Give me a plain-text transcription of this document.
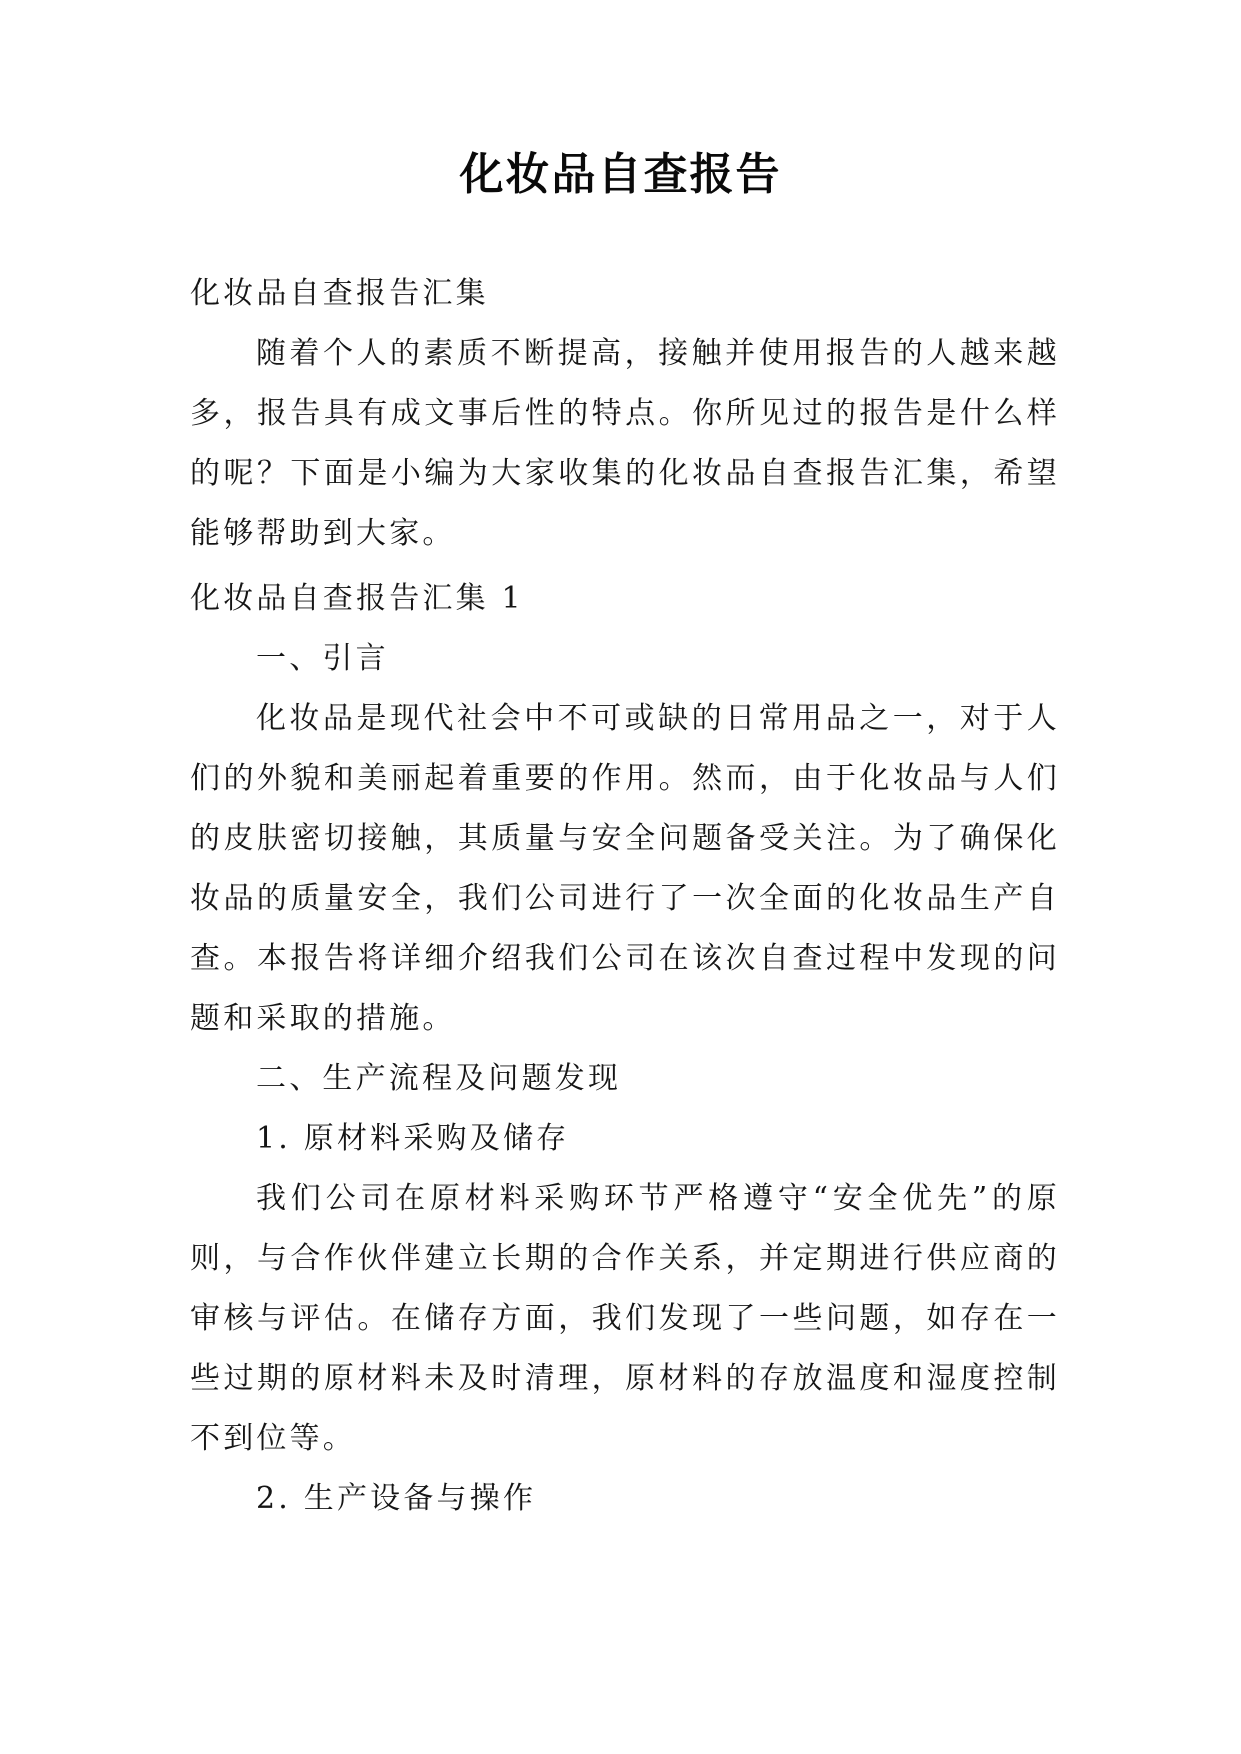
化妆品自查报告

化妆品自查报告汇集

随着个人的素质不断提高，接触并使用报告的人越来越多，报告具有成文事后性的特点。你所见过的报告是什么样的呢？下面是小编为大家收集的化妆品自查报告汇集，希望能够帮助到大家。

化妆品自查报告汇集 1

一、引言

化妆品是现代社会中不可或缺的日常用品之一，对于人们的外貌和美丽起着重要的作用。然而，由于化妆品与人们的皮肤密切接触，其质量与安全问题备受关注。为了确保化妆品的质量安全，我们公司进行了一次全面的化妆品生产自查。本报告将详细介绍我们公司在该次自查过程中发现的问题和采取的措施。

二、生产流程及问题发现

1. 原材料采购及储存

我们公司在原材料采购环节严格遵守“安全优先”的原则，与合作伙伴建立长期的合作关系，并定期进行供应商的审核与评估。在储存方面，我们发现了一些问题，如存在一些过期的原材料未及时清理，原材料的存放温度和湿度控制不到位等。

2. 生产设备与操作
